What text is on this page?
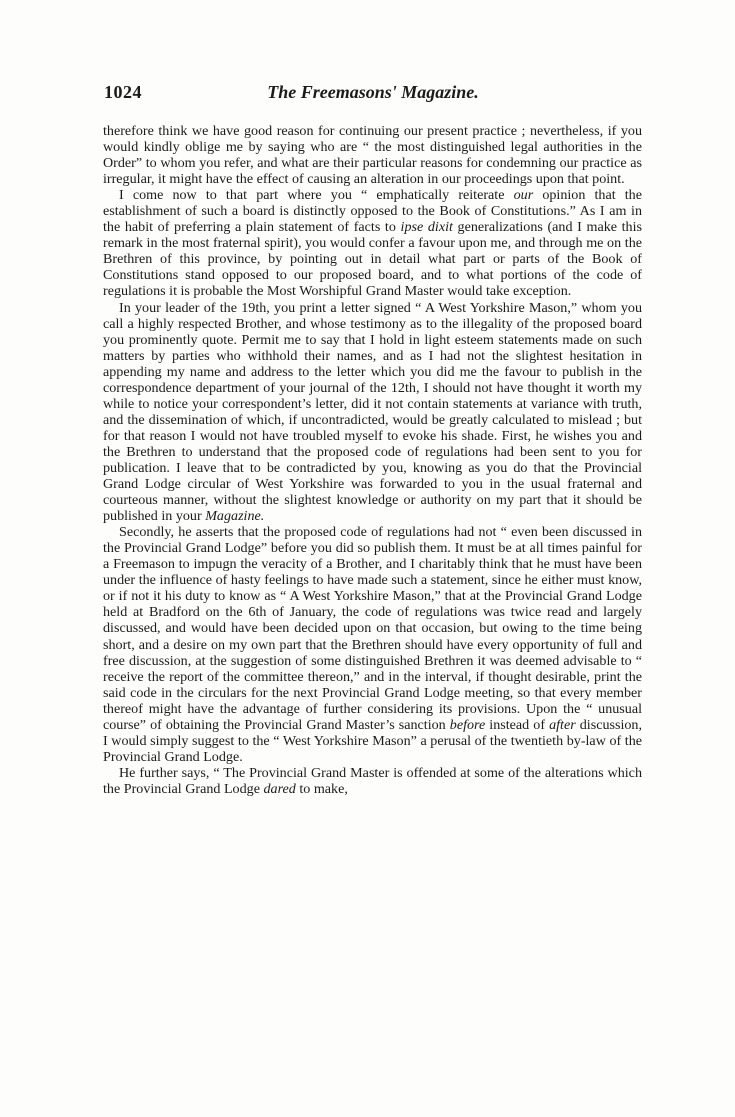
1024	The Freemasons' Magazine.

therefore think we have good reason for continuing our present practice ; nevertheless, if you would kindly oblige me by saying who are “ the most distinguished legal authorities in the Order” to whom you refer, and what are their particular reasons for condemning our practice as irregular, it might have the effect of causing an alteration in our proceedings upon that point.

I come now to that part where you “ emphatically reiterate our opinion that the establishment of such a board is distinctly opposed to the Book of Constitutions.” As I am in the habit of preferring a plain statement of facts to ipse dixit generalizations (and I make this remark in the most fraternal spirit), you would confer a favour upon me, and through me on the Brethren of this province, by pointing out in detail what part or parts of the Book of Constitutions stand opposed to our proposed board, and to what portions of the code of regulations it is probable the Most Worshipful Grand Master would take exception.

In your leader of the 19th, you print a letter signed “ A West Yorkshire Mason,” whom you call a highly respected Brother, and whose testimony as to the illegality of the proposed board you prominently quote. Permit me to say that I hold in light esteem statements made on such matters by parties who withhold their names, and as I had not the slightest hesitation in appending my name and address to the letter which you did me the favour to publish in the correspondence department of your journal of the 12th, I should not have thought it worth my while to notice your correspondent’s letter, did it not contain statements at variance with truth, and the dissemination of which, if uncontradicted, would be greatly calculated to mislead ; but for that reason I would not have troubled myself to evoke his shade. First, he wishes you and the Brethren to understand that the proposed code of regulations had been sent to you for publication. I leave that to be contradicted by you, knowing as you do that the Provincial Grand Lodge circular of West Yorkshire was forwarded to you in the usual fraternal and courteous manner, without the slightest knowledge or authority on my part that it should be published in your Magazine.

Secondly, he asserts that the proposed code of regulations had not “ even been discussed in the Provincial Grand Lodge” before you did so publish them. It must be at all times painful for a Freemason to impugn the veracity of a Brother, and I charitably think that he must have been under the influence of hasty feelings to have made such a statement, since he either must know, or if not it his duty to know as “ A West Yorkshire Mason,” that at the Provincial Grand Lodge held at Bradford on the 6th of January, the code of regulations was twice read and largely discussed, and would have been decided upon on that occasion, but owing to the time being short, and a desire on my own part that the Brethren should have every opportunity of full and free discussion, at the suggestion of some distinguished Brethren it was deemed advisable to “ receive the report of the committee thereon,” and in the interval, if thought desirable, print the said code in the circulars for the next Provincial Grand Lodge meeting, so that every member thereof might have the advantage of further considering its provisions. Upon the “ unusual course” of obtaining the Provincial Grand Master’s sanction before instead of after discussion, I would simply suggest to the “ West Yorkshire Mason” a perusal of the twentieth by-law of the Provincial Grand Lodge.

He further says, “ The Provincial Grand Master is offended at some of the alterations which the Provincial Grand Lodge dared to make,
